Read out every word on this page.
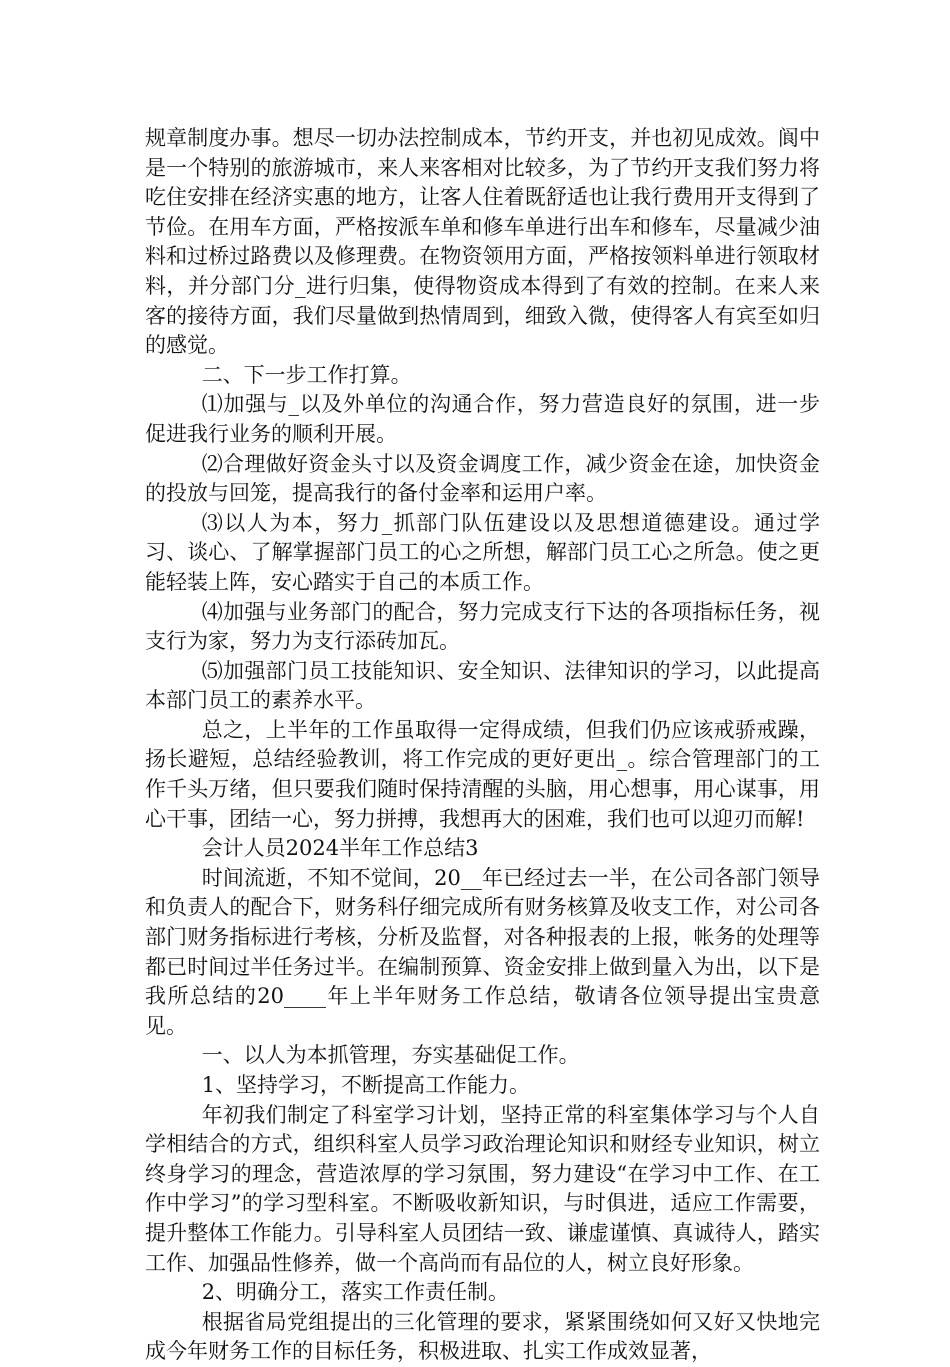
规章制度办事。想尽一切办法控制成本，节约开支，并也初见成效。阆中是一个特别的旅游城市，来人来客相对比较多，为了节约开支我们努力将吃住安排在经济实惠的地方，让客人住着既舒适也让我行费用开支得到了节俭。在用车方面，严格按派车单和修车单进行出车和修车，尽量减少油料和过桥过路费以及修理费。在物资领用方面，严格按领料单进行领取材料，并分部门分_进行归集，使得物资成本得到了有效的控制。在来人来客的接待方面，我们尽量做到热情周到，细致入微，使得客人有宾至如归的感觉。

二、下一步工作打算。

⑴加强与_以及外单位的沟通合作，努力营造良好的氛围，进一步促进我行业务的顺利开展。

⑵合理做好资金头寸以及资金调度工作，减少资金在途，加快资金的投放与回笼，提高我行的备付金率和运用户率。

⑶以人为本，努力_抓部门队伍建设以及思想道德建设。通过学习、谈心、了解掌握部门员工的心之所想，解部门员工心之所急。使之更能轻装上阵，安心踏实于自己的本质工作。

⑷加强与业务部门的配合，努力完成支行下达的各项指标任务，视支行为家，努力为支行添砖加瓦。

⑸加强部门员工技能知识、安全知识、法律知识的学习，以此提高本部门员工的素养水平。

总之，上半年的工作虽取得一定得成绩，但我们仍应该戒骄戒躁，扬长避短，总结经验教训，将工作完成的更好更出_。综合管理部门的工作千头万绪，但只要我们随时保持清醒的头脑，用心想事，用心谋事，用心干事，团结一心，努力拼搏，我想再大的困难，我们也可以迎刃而解!

会计人员2024半年工作总结3

时间流逝，不知不觉间，20__年已经过去一半，在公司各部门领导和负责人的配合下，财务科仔细完成所有财务核算及收支工作，对公司各部门财务指标进行考核，分析及监督，对各种报表的上报，帐务的处理等都已时间过半任务过半。在编制预算、资金安排上做到量入为出，以下是我所总结的20____年上半年财务工作总结，敬请各位领导提出宝贵意见。

一、以人为本抓管理，夯实基础促工作。

1、坚持学习，不断提高工作能力。

年初我们制定了科室学习计划，坚持正常的科室集体学习与个人自学相结合的方式，组织科室人员学习政治理论知识和财经专业知识，树立终身学习的理念，营造浓厚的学习氛围，努力建设“在学习中工作、在工作中学习”的学习型科室。不断吸收新知识，与时俱进，适应工作需要，提升整体工作能力。引导科室人员团结一致、谦虚谨慎、真诚待人，踏实工作、加强品性修养，做一个高尚而有品位的人，树立良好形象。

2、明确分工，落实工作责任制。

根据省局党组提出的三化管理的要求，紧紧围绕如何又好又快地完成今年财务工作的目标任务，积极进取、扎实工作成效显著，
